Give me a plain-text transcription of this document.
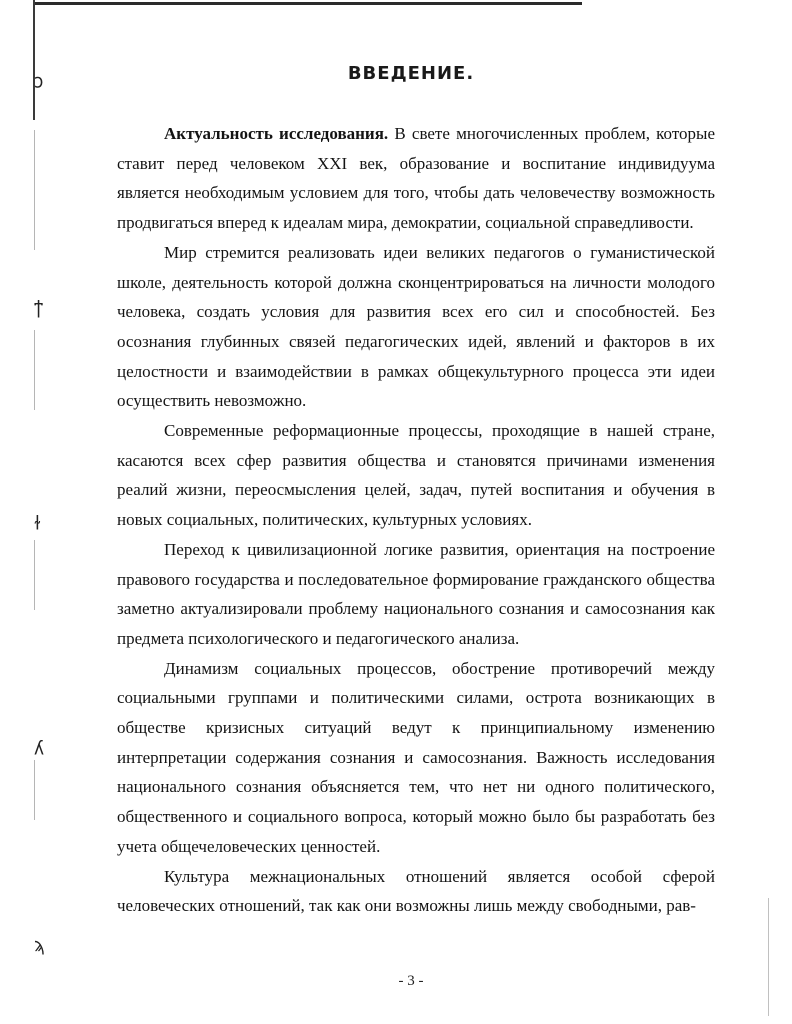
ↄ
ϯ
ɫ
ʎ
ϡ
ВВЕДЕНИЕ.

Актуальность исследования. В свете многочисленных проблем, которые ставит перед человеком XXI век, образование и воспитание индивидуума является необходимым условием для того, чтобы дать человечеству возможность продвигаться вперед к идеалам мира, демократии, социальной справедливости.

Мир стремится реализовать идеи великих педагогов о гуманистической школе, деятельность которой должна сконцентрироваться на личности молодого человека, создать условия для развития всех его сил и способностей. Без осознания глубинных связей педагогических идей, явлений и факторов в их целостности и взаимодействии в рамках общекультурного процесса эти идеи осуществить невозможно.

Современные реформационные процессы, проходящие в нашей стране, касаются всех сфер развития общества и становятся причинами изменения реалий жизни, переосмысления целей, задач, путей воспитания и обучения в новых социальных, политических, культурных условиях.

Переход к цивилизационной логике развития, ориентация на построение правового государства и последовательное формирование гражданского общества заметно актуализировали проблему национального сознания и самосознания как предмета психологического и педагогического анализа.

Динамизм социальных процессов, обострение противоречий между социальными группами и политическими силами, острота возникающих в обществе кризисных ситуаций ведут к принципиальному изменению интерпретации содержания сознания и самосознания. Важность исследования национального сознания объясняется тем, что нет ни одного политического, общественного и социального вопроса, который можно было бы разработать без учета общечеловеческих ценностей.

Культура межнациональных отношений является особой сферой человеческих отношений, так как они возможны лишь между свободными, рав-

- 3 -
